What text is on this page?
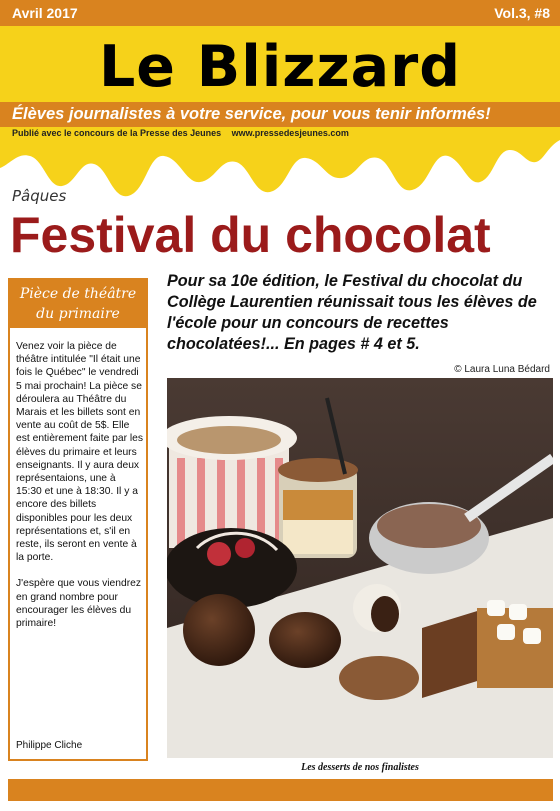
Avril 2017	Vol.3, #8
Le Blizzard
Élèves journalistes à votre service, pour vous tenir informés!
Publié avec le concours de la Presse des Jeunes www.pressedesjeunes.com
Pâques
Festival du chocolat
Pièce de théâtre du primaire

Venez voir la pièce de théâtre intitulée "Il était une fois le Québec" le vendredi 5 mai prochain! La pièce se déroulera au Théâtre du Marais et les billets sont en vente au coût de 5$. Elle est entièrement faite par les élèves du primaire et leurs enseignants. Il y aura deux représentaions, une à 15:30 et une à 18:30. Il y a encore des billets disponibles pour les deux représentations et, s'il en reste, ils seront en vente à la porte.

J'espère que vous viendrez en grand nombre pour encourager les élèves du primaire!

Philippe Cliche
Pour sa 10e édition, le Festival du chocolat du Collège Laurentien réunissait tous les élèves de l'école pour un concours de recettes chocolatées!... En pages # 4 et 5.
© Laura Luna Bédard
Les desserts de nos finalistes
